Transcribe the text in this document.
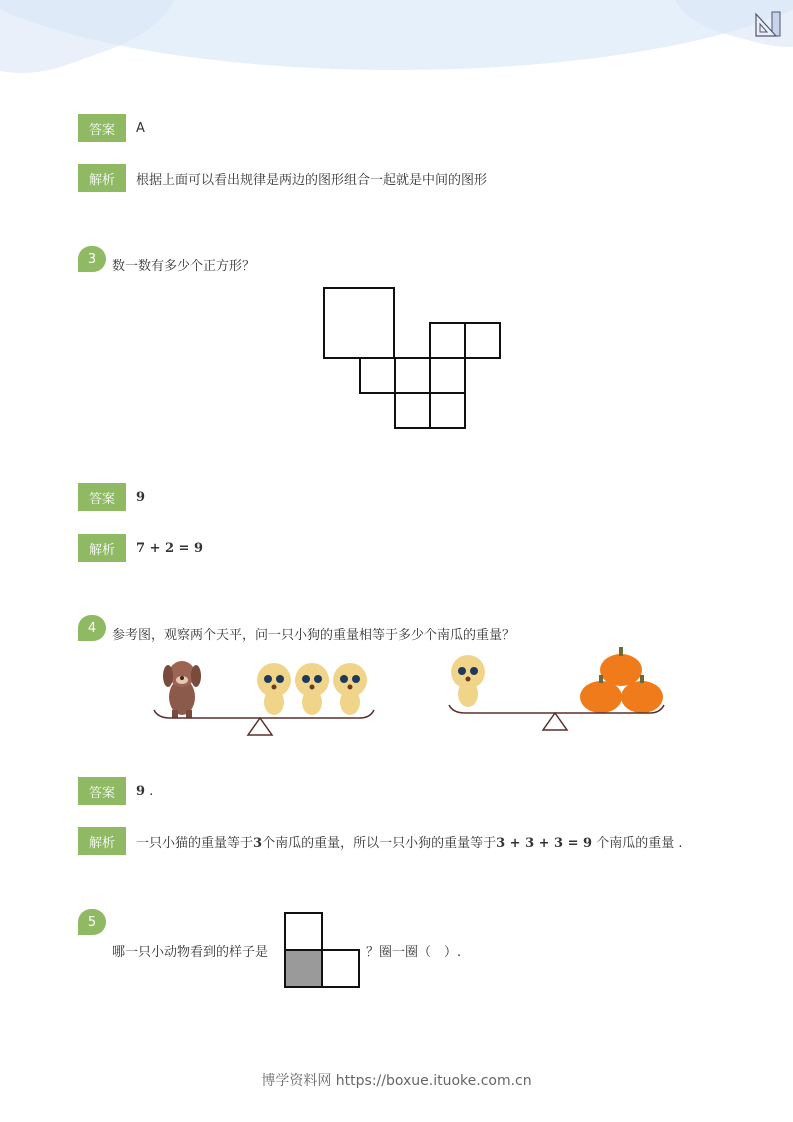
答案	A
解析	根据上面可以看出规律是两边的图形组合一起就是中间的图形
3	数一数有多少个正方形？
答案	9
解析	7 + 2 = 9
4	参考图，观察两个天平，问一只小狗的重量相等于多少个南瓜的重量？
答案	9 .
解析	一只小猫的重量等于3个南瓜的重量，所以一只小狗的重量等于3 + 3 + 3 = 9 个南瓜的重量 .
5
哪一只小动物看到的样子是	？圈一圈（　）.
博学资料网 https://boxue.ituoke.com.cn
